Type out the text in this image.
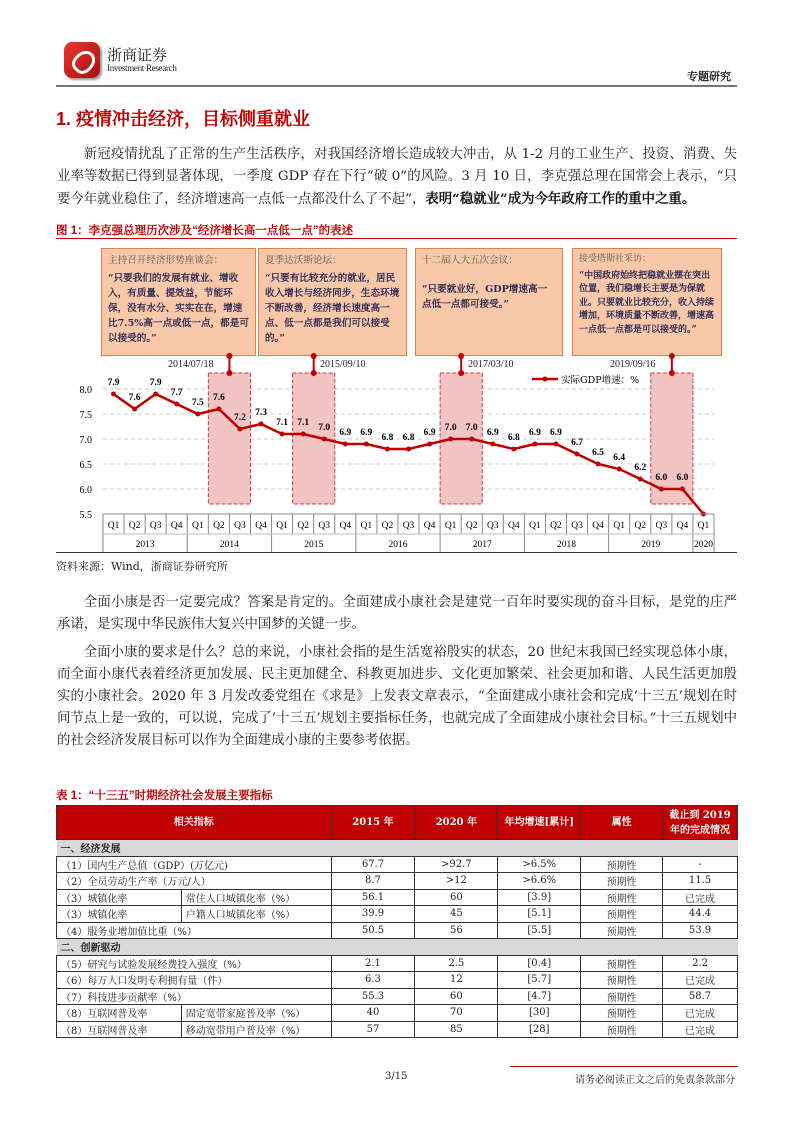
浙商证券
Investment Research
专题研究
1. 疫情冲击经济，目标侧重就业
新冠疫情扰乱了正常的生产生活秩序，对我国经济增长造成较大冲击，从 1-2 月的工业生产、投资、消费、失业率等数据已得到显著体现，一季度 GDP 存在下行“破 0”的风险。3 月 10 日，李克强总理在国常会上表示，“只要今年就业稳住了，经济增速高一点低一点都没什么了不起”，表明“稳就业”成为今年政府工作的重中之重。
图 1：李克强总理历次涉及“经济增长高一点低一点”的表述
主持召开经济形势座谈会：
“只要我们的发展有就业、增收入，有质量、提效益，节能环保，没有水分、实实在在，增速比7.5%高一点或低一点，都是可以接受的。”
夏季达沃斯论坛：
“只要有比较充分的就业，居民收入增长与经济同步，生态环境不断改善，经济增长速度高一点、低一点都是我们可以接受的。”
十二届人大五次会议：
“只要就业好，GDP增速高一点低一点都可接受。”
接受塔斯社采访：
“中国政府始终把稳就业摆在突出位置，我们稳增长主要是为保就业。只要就业比较充分，收入持续增加，环境质量不断改善，增速高一点低一点都是可以接受的。”
2014/07/18	2015/09/10	2017/03/10	2019/09/16
8.0
7.5
7.0
6.5
6.0
5.5
7.9
7.6
7.9
7.7
7.5 7.6
7.2 7.3
7.1 7.1 7.0 6.9 6.9 6.8 6.8 6.9 7.0 7.0 6.9 6.8 6.9 6.9
6.7
6.5 6.4
6.2
6.0 6.0
实际GDP增速：%
Q1 Q2 Q3 Q4 Q1 Q2 Q3 Q4 Q1 Q2 Q3 Q4 Q1 Q2 Q3 Q4 Q1 Q2 Q3 Q4 Q1 Q2 Q3 Q4 Q1 Q2 Q3 Q4 Q1
2013	2014	2015	2016	2017	2018	2019	2020
资料来源：Wind，浙商证券研究所
全面小康是否一定要完成？答案是肯定的。全面建成小康社会是建党一百年时要实现的奋斗目标，是党的庄严承诺，是实现中华民族伟大复兴中国梦的关键一步。
全面小康的要求是什么？总的来说，小康社会指的是生活宽裕殷实的状态，20 世纪末我国已经实现总体小康，而全面小康代表着经济更加发展、民主更加健全、科教更加进步、文化更加繁荣、社会更加和谐、人民生活更加殷实的小康社会。2020 年 3 月发改委党组在《求是》上发表文章表示，“全面建成小康社会和完成‘十三五’规划在时间节点上是一致的，可以说，完成了‘十三五’规划主要指标任务，也就完成了全面建成小康社会目标。”十三五规划中的社会经济发展目标可以作为全面建成小康的主要参考依据。
表 1：“十三五”时期经济社会发展主要指标
相关指标		2015 年	2020 年	年均增速[累计]	属性	截止到 2019 年的完成情况
一、经济发展						
（1）国内生产总值（GDP）(万亿元)		67.7	>92.7	>6.5%	预期性	-
（2）全员劳动生产率（万元/人）		8.7	>12	>6.6%	预期性	11.5
（3）城镇化率	常住人口城镇化率（%）	56.1	60	[3.9]	预期性	已完成
（3）城镇化率	户籍人口城镇化率（%）	39.9	45	[5.1]	预期性	44.4
（4）服务业增加值比重（%）		50.5	56	[5.5]	预期性	53.9
二、创新驱动						
（5）研究与试验发展经费投入强度（%）		2.1	2.5	[0.4]	预期性	2.2
（6）每万人口发明专利拥有量（件）		6.3	12	[5.7]	预期性	已完成
（7）科技进步贡献率（%）		55.3	60	[4.7]	预期性	58.7
（8）互联网普及率	固定宽带家庭普及率（%）	40	70	[30]	预期性	已完成
（8）互联网普及率	移动宽带用户普及率（%）	57	85	[28]	预期性	已完成
3/15	请务必阅读正文之后的免责条款部分
